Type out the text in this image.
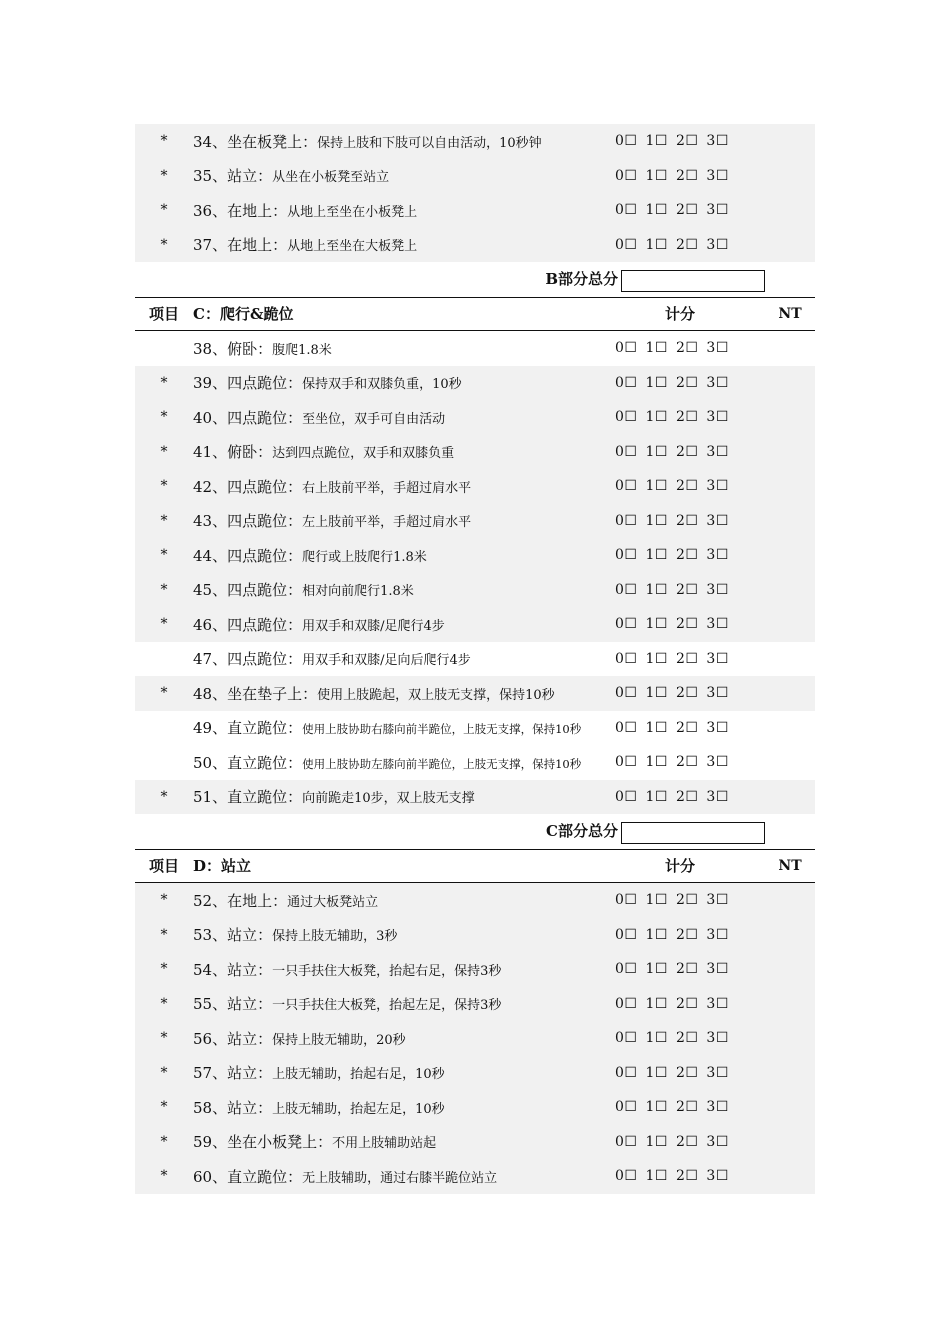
*	34、坐在板凳上：保持上肢和下肢可以自由活动，10秒钟	0☐ 1☐ 2☐ 3☐
*	35、站立：从坐在小板凳至站立	0☐ 1☐ 2☐ 3☐
*	36、在地上：从地上至坐在小板凳上	0☐ 1☐ 2☐ 3☐
*	37、在地上：从地上至坐在大板凳上	0☐ 1☐ 2☐ 3☐
B部分总分
项目 C：爬行&跪位	计分	NT
38、俯卧：腹爬1.8米	0☐ 1☐ 2☐ 3☐
*	39、四点跪位：保持双手和双膝负重，10秒	0☐ 1☐ 2☐ 3☐
*	40、四点跪位：至坐位，双手可自由活动	0☐ 1☐ 2☐ 3☐
*	41、俯卧：达到四点跪位，双手和双膝负重	0☐ 1☐ 2☐ 3☐
*	42、四点跪位：右上肢前平举，手超过肩水平	0☐ 1☐ 2☐ 3☐
*	43、四点跪位：左上肢前平举，手超过肩水平	0☐ 1☐ 2☐ 3☐
*	44、四点跪位：爬行或上肢爬行1.8米	0☐ 1☐ 2☐ 3☐
*	45、四点跪位：相对向前爬行1.8米	0☐ 1☐ 2☐ 3☐
*	46、四点跪位：用双手和双膝/足爬行4步	0☐ 1☐ 2☐ 3☐
47、四点跪位：用双手和双膝/足向后爬行4步	0☐ 1☐ 2☐ 3☐
*	48、坐在垫子上：使用上肢跪起，双上肢无支撑，保持10秒	0☐ 1☐ 2☐ 3☐
49、直立跪位：使用上肢协助右膝向前半跪位，上肢无支撑，保持10秒	0☐ 1☐ 2☐ 3☐
50、直立跪位：使用上肢协助左膝向前半跪位，上肢无支撑，保持10秒	0☐ 1☐ 2☐ 3☐
*	51、直立跪位：向前跪走10步，双上肢无支撑	0☐ 1☐ 2☐ 3☐
C部分总分
项目 D：站立	计分	NT
*	52、在地上：通过大板凳站立	0☐ 1☐ 2☐ 3☐
*	53、站立：保持上肢无辅助，3秒	0☐ 1☐ 2☐ 3☐
*	54、站立：一只手扶住大板凳，抬起右足，保持3秒	0☐ 1☐ 2☐ 3☐
*	55、站立：一只手扶住大板凳，抬起左足，保持3秒	0☐ 1☐ 2☐ 3☐
*	56、站立：保持上肢无辅助，20秒	0☐ 1☐ 2☐ 3☐
*	57、站立：上肢无辅助，抬起右足，10秒	0☐ 1☐ 2☐ 3☐
*	58、站立：上肢无辅助，抬起左足，10秒	0☐ 1☐ 2☐ 3☐
*	59、坐在小板凳上：不用上肢辅助站起	0☐ 1☐ 2☐ 3☐
*	60、直立跪位：无上肢辅助，通过右膝半跪位站立	0☐ 1☐ 2☐ 3☐
